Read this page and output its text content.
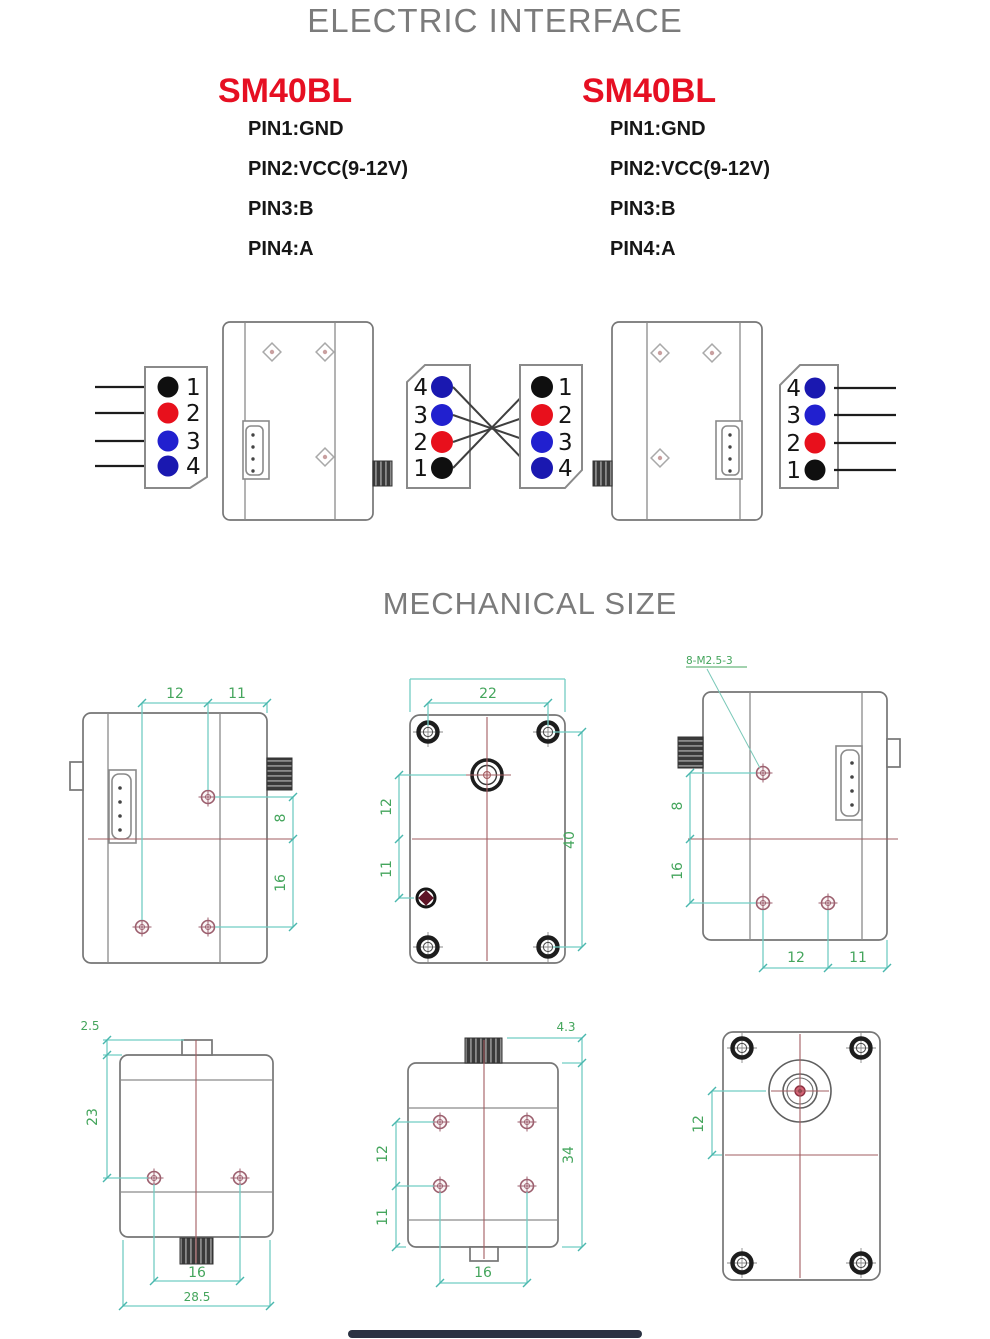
ELECTRIC INTERFACE
SM40BL	SM40BL
PIN1:GND
PIN2:VCC(9-12V)
PIN3:B
PIN4:A
PIN1:GND
PIN2:VCC(9-12V)
PIN3:B
PIN4:A
MECHANICAL SIZE
1
2
3
4
4
3
2
1
1
2
3
4
4
3
2
1
12	11
8
16
22
12
11
40
8-M2.5-3
8
16
12	11
2.5
23
16
28.5
4.3
12
11
34
16
12
